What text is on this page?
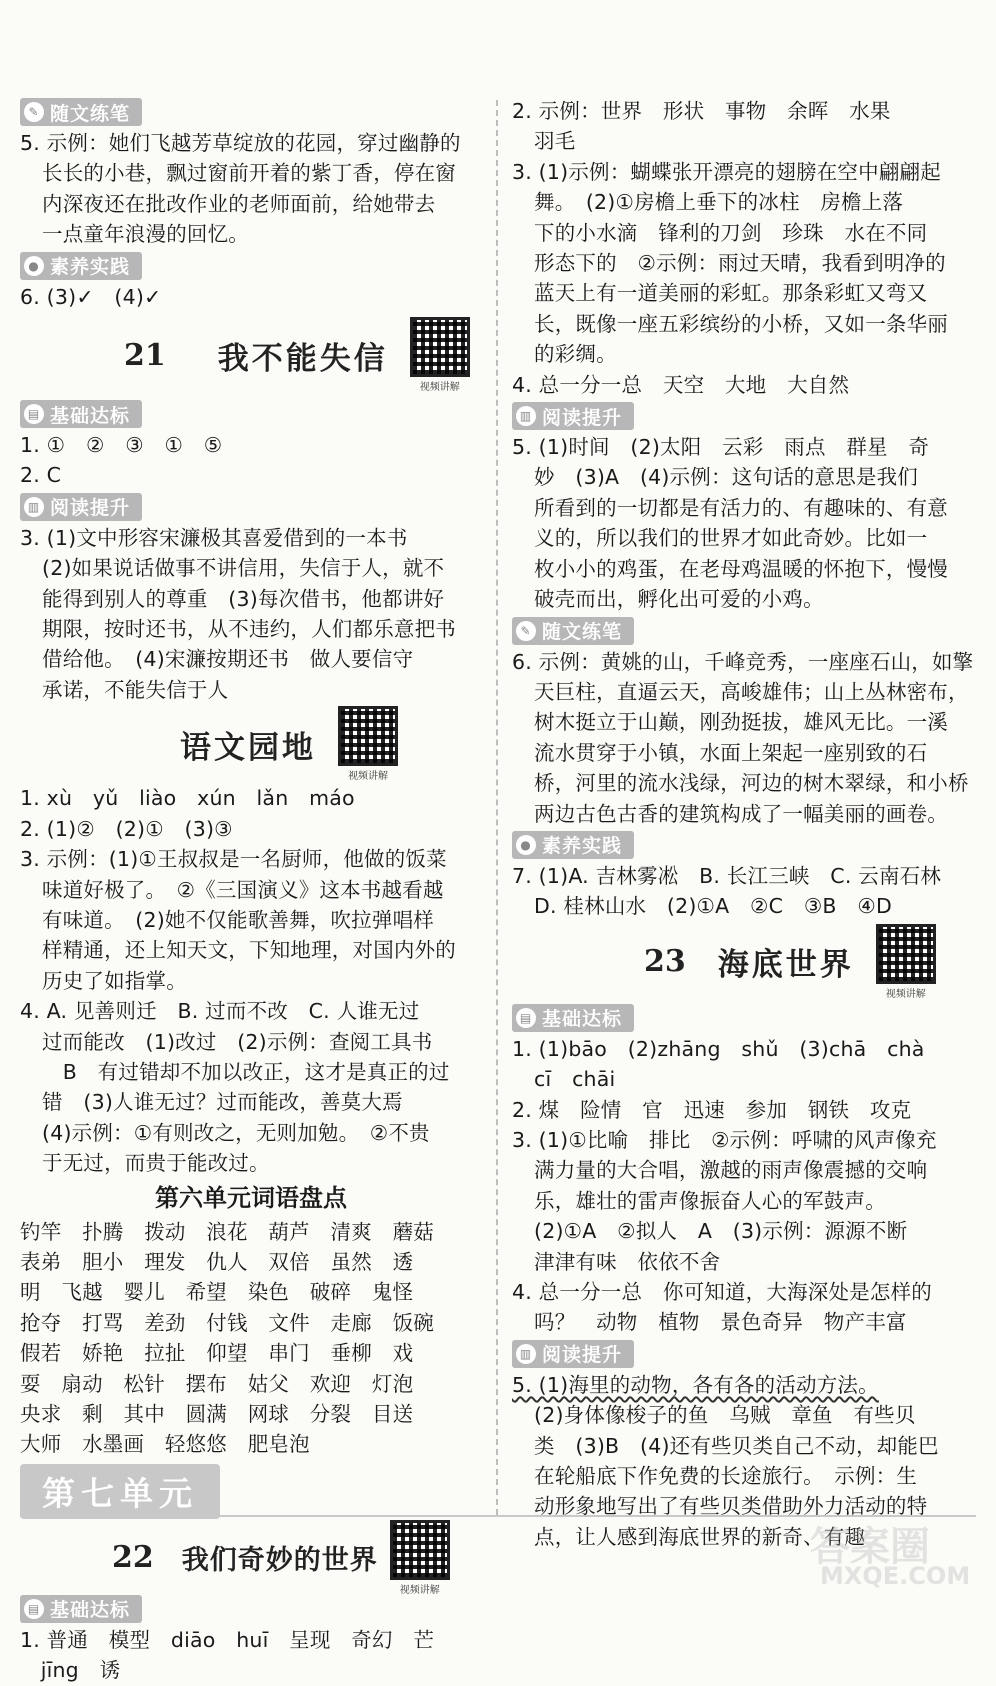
✎ 随文练笔
5. 示例：她们飞越芳草绽放的花园，穿过幽静的
长长的小巷，飘过窗前开着的紫丁香，停在窗
内深夜还在批改作业的老师面前，给她带去
一点童年浪漫的回忆。
● 素养实践
6. (3)✓　(4)✓
21 我不能失信
视频讲解
▤ 基础达标
1. ①　②　③　①　⑤
2. C
▥ 阅读提升
3. (1)文中形容宋濂极其喜爱借到的一本书
(2)如果说话做事不讲信用，失信于人，就不
能得到别人的尊重　(3)每次借书，他都讲好
期限，按时还书，从不违约，人们都乐意把书
借给他。　(4)宋濂按期还书　做人要信守
承诺，不能失信于人
语文园地
视频讲解
1. xù　yǔ　liào　xún　lǎn　máo
2. (1)②　(2)①　(3)③
3. 示例：(1)①王叔叔是一名厨师，他做的饭菜
味道好极了。　②《三国演义》这本书越看越
有味道。　(2)她不仅能歌善舞，吹拉弹唱样
样精通，还上知天文，下知地理，对国内外的
历史了如指掌。
4. A. 见善则迁　B. 过而不改　C. 人谁无过
过而能改　(1)改过　(2)示例：查阅工具书
　B　有过错却不加以改正，这才是真正的过
错　(3)人谁无过？过而能改，善莫大焉
(4)示例：①有则改之，无则加勉。　②不贵
于无过，而贵于能改过。
第六单元词语盘点
钓竿　扑腾　拨动　浪花　葫芦　清爽　蘑菇
表弟　胆小　理发　仇人　双倍　虽然　透
明　飞越　婴儿　希望　染色　破碎　鬼怪
抢夺　打骂　差劲　付钱　文件　走廊　饭碗
假若　娇艳　拉扯　仰望　串门　垂柳　戏
耍　扇动　松针　摆布　姑父　欢迎　灯泡
央求　剩　其中　圆满　网球　分裂　目送
大师　水墨画　轻悠悠　肥皂泡
第七单元
22 我们奇妙的世界
视频讲解
▤ 基础达标
1. 普通　模型　diāo　huī　呈现　奇幻　芒
　jīng　诱
2. 示例：世界　形状　事物　余晖　水果
羽毛
3. (1)示例：蝴蝶张开漂亮的翅膀在空中翩翩起
舞。　(2)①房檐上垂下的冰柱　房檐上落
下的小水滴　锋利的刀剑　珍珠　水在不同
形态下的　②示例：雨过天晴，我看到明净的
蓝天上有一道美丽的彩虹。那条彩虹又弯又
长，既像一座五彩缤纷的小桥，又如一条华丽
的彩绸。
4. 总一分一总　天空　大地　大自然
▥ 阅读提升
5. (1)时间　(2)太阳　云彩　雨点　群星　奇
妙　(3)A　(4)示例：这句话的意思是我们
所看到的一切都是有活力的、有趣味的、有意
义的，所以我们的世界才如此奇妙。比如一
枚小小的鸡蛋，在老母鸡温暖的怀抱下，慢慢
破壳而出，孵化出可爱的小鸡。
✎ 随文练笔
6. 示例：黄姚的山，千峰竞秀，一座座石山，如擎
天巨柱，直逼云天，高峻雄伟；山上丛林密布，
树木挺立于山巅，刚劲挺拔，雄风无比。一溪
流水贯穿于小镇，水面上架起一座别致的石
桥，河里的流水浅绿，河边的树木翠绿，和小桥
两边古色古香的建筑构成了一幅美丽的画卷。
● 素养实践
7. (1)A. 吉林雾凇　B. 长江三峡　C. 云南石林
D. 桂林山水　(2)①A　②C　③B　④D
23 海底世界
视频讲解
▤ 基础达标
1. (1)bāo　(2)zhāng　shǔ　(3)chā　chà
cī　chāi
2. 煤　险情　官　迅速　参加　钢铁　攻克
3. (1)①比喻　排比　②示例：呼啸的风声像充
满力量的大合唱，激越的雨声像震撼的交响
乐，雄壮的雷声像振奋人心的军鼓声。
(2)①A　②拟人　A　(3)示例：源源不断
津津有味　依依不舍
4. 总一分一总　你可知道，大海深处是怎样的
吗？　动物　植物　景色奇异　物产丰富
▥ 阅读提升
5. (1)海里的动物，各有各的活动方法。
(2)身体像梭子的鱼　乌贼　章鱼　有些贝
类　(3)B　(4)还有些贝类自己不动，却能巴
在轮船底下作免费的长途旅行。　示例：生
动形象地写出了有些贝类借助外力活动的特
点，让人感到海底世界的新奇、有趣
答案圈
MXQE.COM
